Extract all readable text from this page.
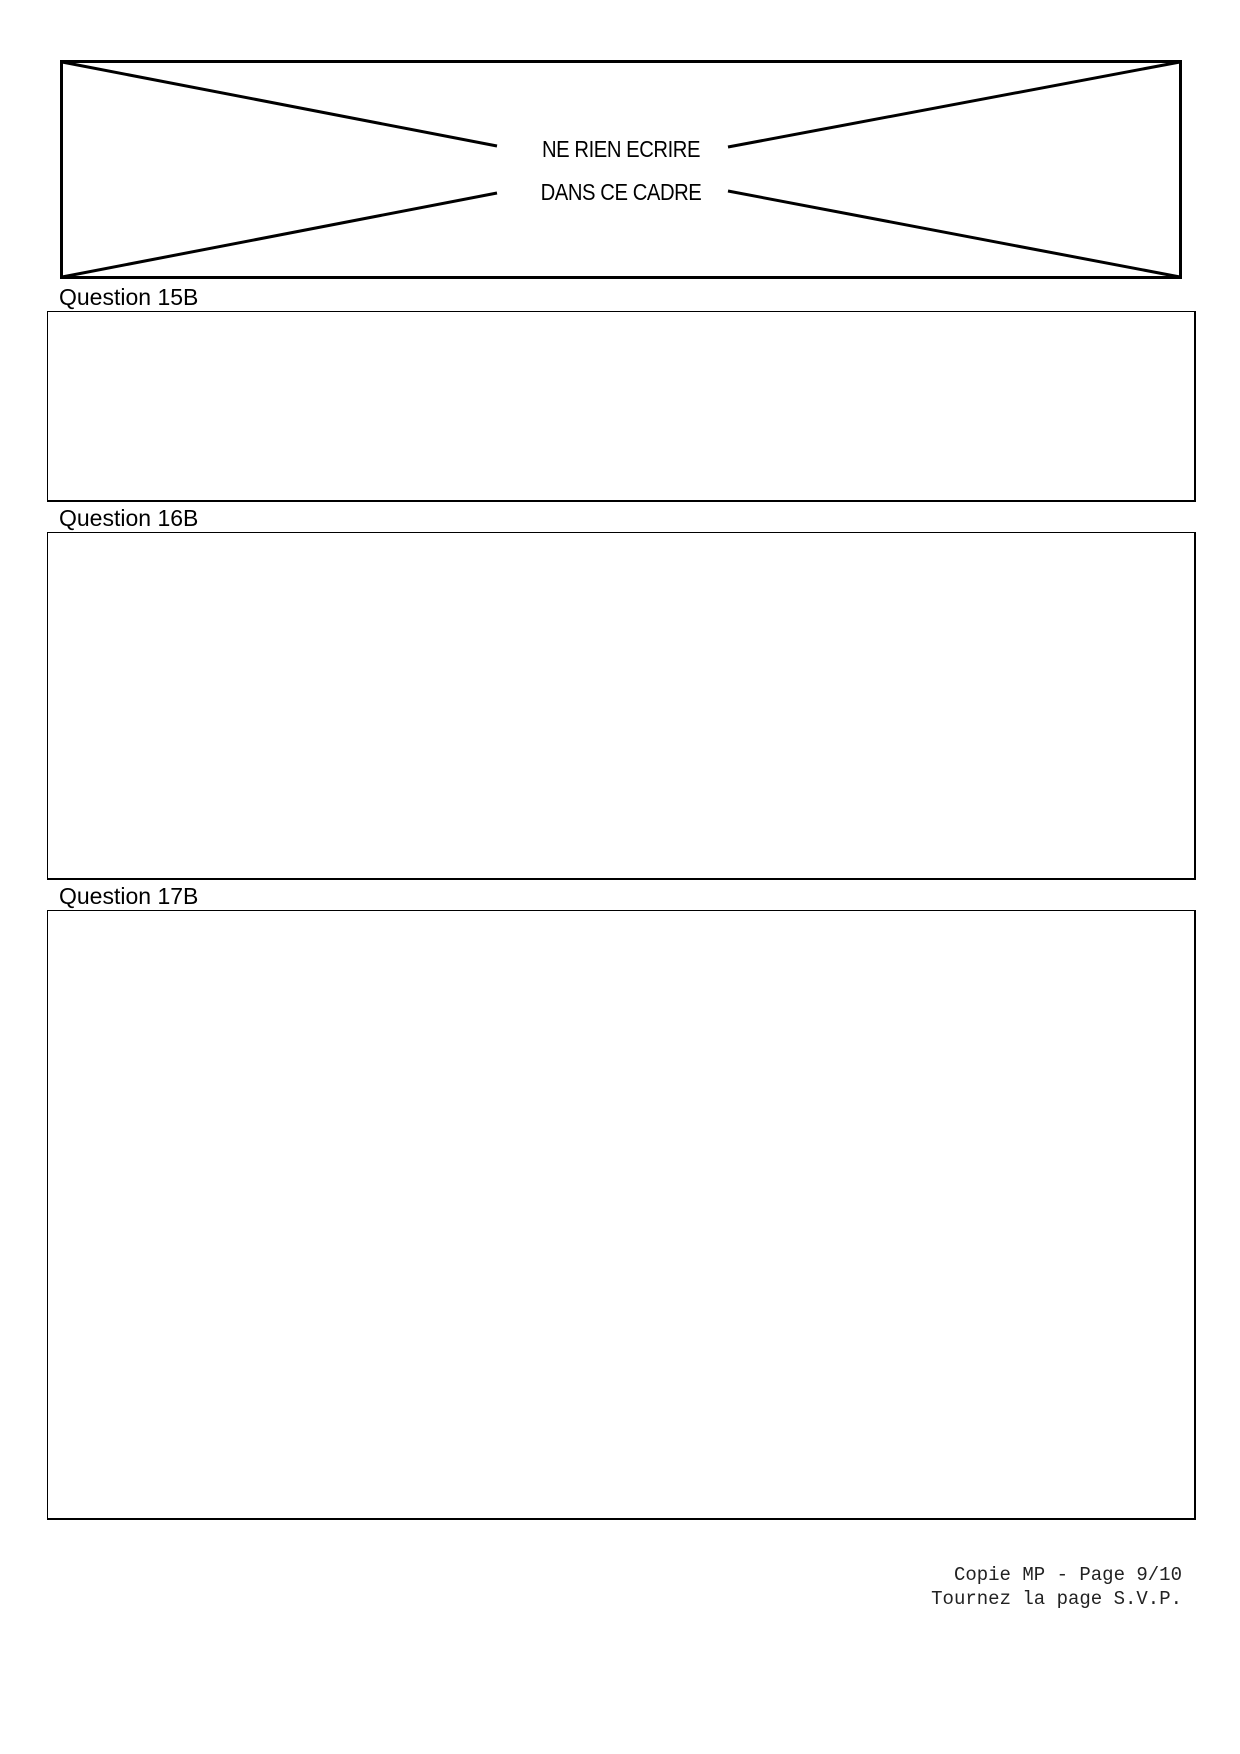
NE RIEN ECRIRE
DANS CE CADRE
Question 15B
Question 16B
Question 17B
Copie MP - Page 9/10
Tournez la page S.V.P.
